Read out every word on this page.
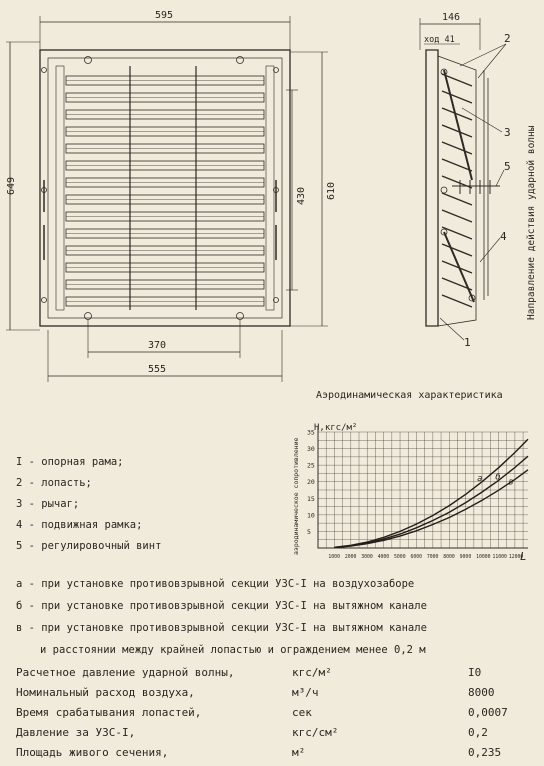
595
649
430 610
370
555
146
ход 41	2
3
5
4
1
Направление действия ударной волны
Аэродинамическая характеристика
Н,кгс/м²
аэродинамическое сопротивление
L
1000 2000 3000 4000 5000 6000 7000 8000 9000 10000 11000 12000
5
10
15
20
25
30
35
а б в
I - опорная рама;
2 - лопасть;
3 - рычаг;
4 - подвижная рамка;
5 - регулировочный винт
а - при установке противовзрывной секции УЗС-I на воздухозаборе
б - при установке противовзрывной секции УЗС-I на вытяжном канале
в - при установке противовзрывной секции УЗС-I на вытяжном канале
и расстоянии между крайней лопастью и ограждением менее 0,2 м
Расчетное давление ударной волны,	кгс/м²	I0
Номинальный расход воздуха,	м³/ч	8000
Время срабатывания лопастей,	сек	0,0007
Давление за УЗС-I,	кгс/см²	0,2
Площадь живого сечения,	м²	0,235
